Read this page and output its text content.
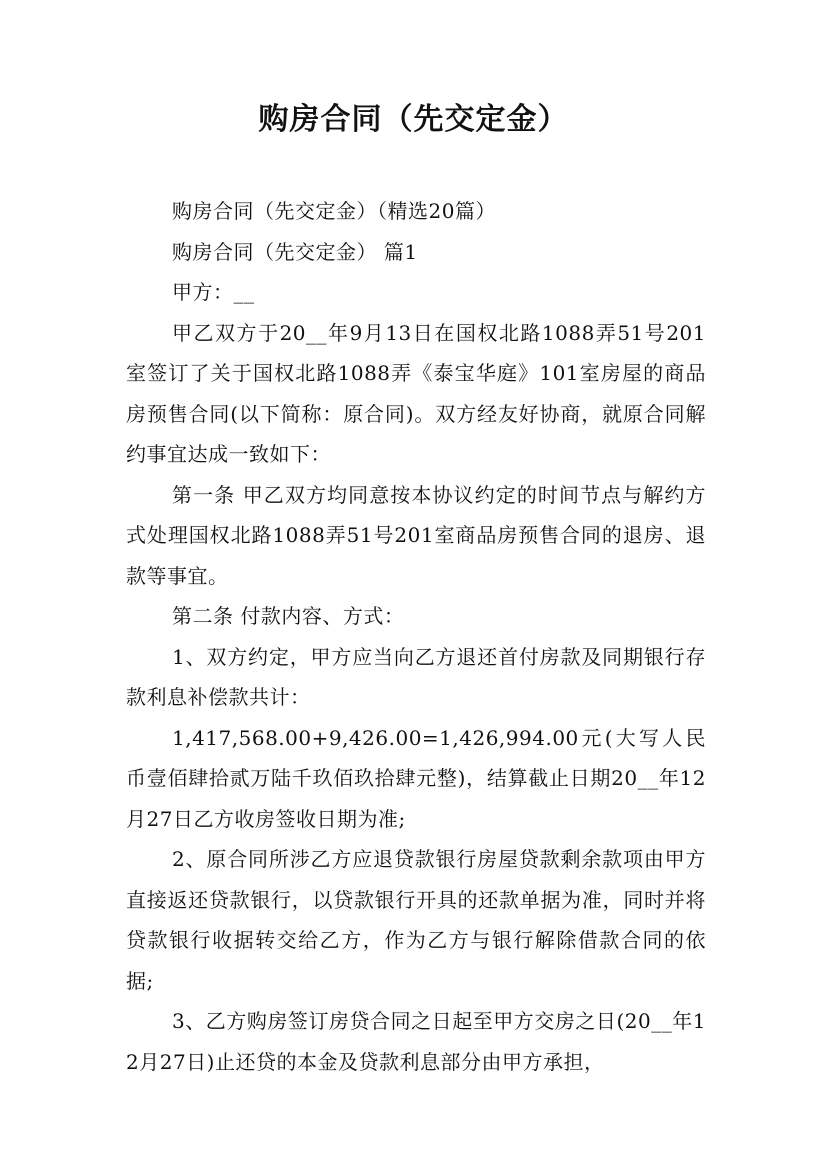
购房合同（先交定金）

购房合同（先交定金）（精选20篇）

购房合同（先交定金） 篇1

甲方：__

甲乙双方于20__年9月13日在国权北路1088弄51号201室签订了关于国权北路1088弄《泰宝华庭》101室房屋的商品房预售合同(以下简称：原合同)。双方经友好协商，就原合同解约事宜达成一致如下：

第一条 甲乙双方均同意按本协议约定的时间节点与解约方式处理国权北路1088弄51号201室商品房预售合同的退房、退款等事宜。

第二条 付款内容、方式：

1、双方约定，甲方应当向乙方退还首付房款及同期银行存款利息补偿款共计：

1,417,568.00+9,426.00=1,426,994.00元(大写人民币壹佰肆拾贰万陆千玖佰玖拾肆元整)，结算截止日期20__年12月27日乙方收房签收日期为准;

2、原合同所涉乙方应退贷款银行房屋贷款剩余款项由甲方直接返还贷款银行，以贷款银行开具的还款单据为准，同时并将贷款银行收据转交给乙方，作为乙方与银行解除借款合同的依据;

3、乙方购房签订房贷合同之日起至甲方交房之日(20__年12月27日)止还贷的本金及贷款利息部分由甲方承担，
